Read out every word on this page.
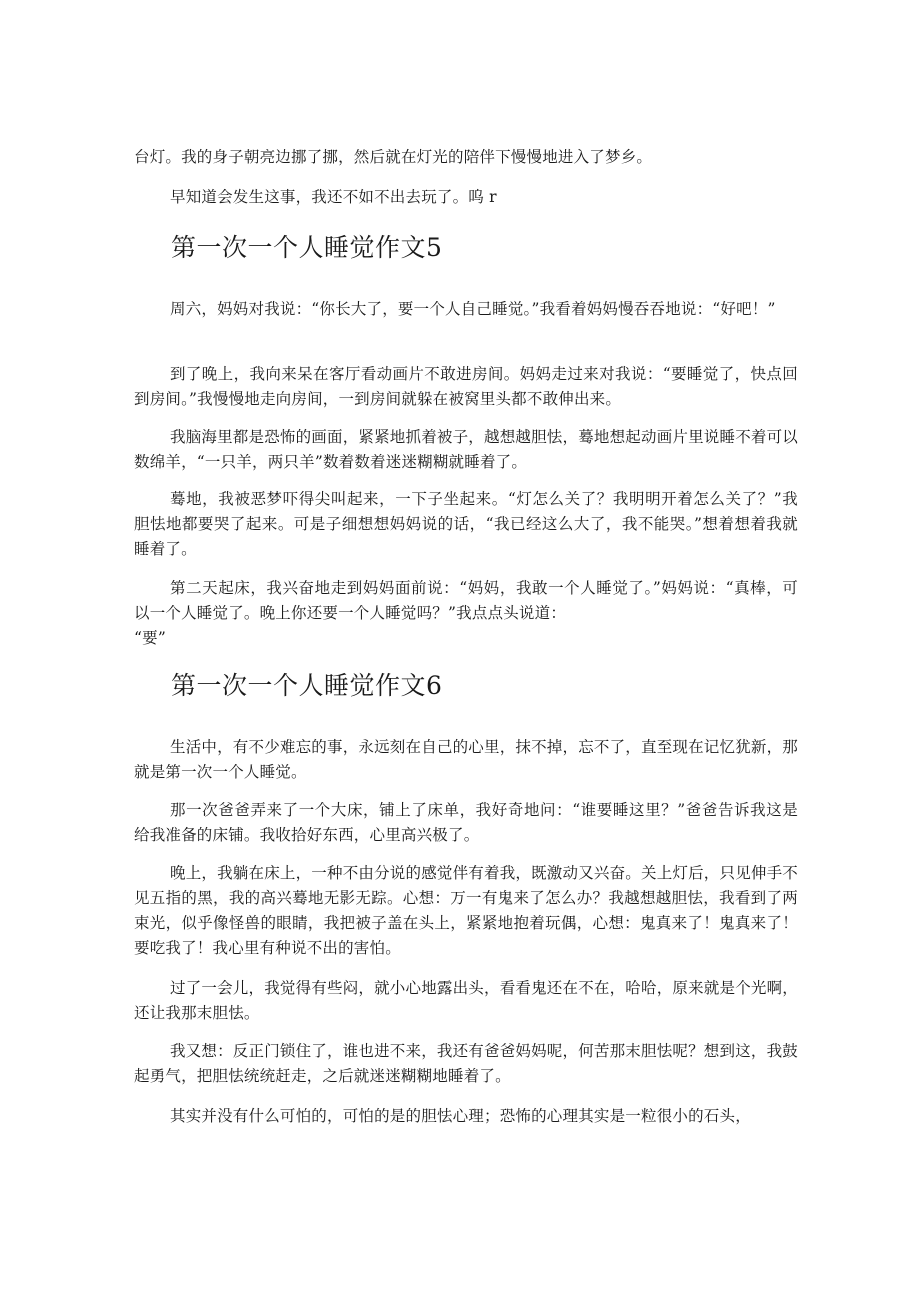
台灯。我的身子朝亮边挪了挪，然后就在灯光的陪伴下慢慢地进入了梦乡。

早知道会发生这事，我还不如不出去玩了。呜 r

第一次一个人睡觉作文5

周六，妈妈对我说：“你长大了，要一个人自己睡觉。”我看着妈妈慢吞吞地说：“好吧！”

到了晚上，我向来呆在客厅看动画片不敢进房间。妈妈走过来对我说：“要睡觉了，快点回到房间。”我慢慢地走向房间，一到房间就躲在被窝里头都不敢伸出来。

我脑海里都是恐怖的画面，紧紧地抓着被子，越想越胆怯，蓦地想起动画片里说睡不着可以数绵羊，“一只羊，两只羊”数着数着迷迷糊糊就睡着了。

蓦地，我被恶梦吓得尖叫起来，一下子坐起来。“灯怎么关了？我明明开着怎么关了？”我胆怯地都要哭了起来。可是子细想想妈妈说的话，“我已经这么大了，我不能哭。”想着想着我就睡着了。

第二天起床，我兴奋地走到妈妈面前说：“妈妈，我敢一个人睡觉了。”妈妈说：“真棒，可以一个人睡觉了。晚上你还要一个人睡觉吗？”我点点头说道：

“要”

第一次一个人睡觉作文6

生活中，有不少难忘的事，永远刻在自己的心里，抹不掉，忘不了，直至现在记忆犹新，那就是第一次一个人睡觉。

那一次爸爸弄来了一个大床，铺上了床单，我好奇地问：“谁要睡这里？”爸爸告诉我这是给我准备的床铺。我收拾好东西，心里高兴极了。

晚上，我躺在床上，一种不由分说的感觉伴有着我，既激动又兴奋。关上灯后，只见伸手不见五指的黑，我的高兴蓦地无影无踪。心想：万一有鬼来了怎么办？我越想越胆怯，我看到了两束光，似乎像怪兽的眼睛，我把被子盖在头上，紧紧地抱着玩偶，心想：鬼真来了！鬼真来了！要吃我了！我心里有种说不出的害怕。

过了一会儿，我觉得有些闷，就小心地露出头，看看鬼还在不在，哈哈，原来就是个光啊，还让我那末胆怯。

我又想：反正门锁住了，谁也进不来，我还有爸爸妈妈呢，何苦那末胆怯呢？想到这，我鼓起勇气，把胆怯统统赶走，之后就迷迷糊糊地睡着了。

其实并没有什么可怕的，可怕的是的胆怯心理；恐怖的心理其实是一粒很小的石头，
